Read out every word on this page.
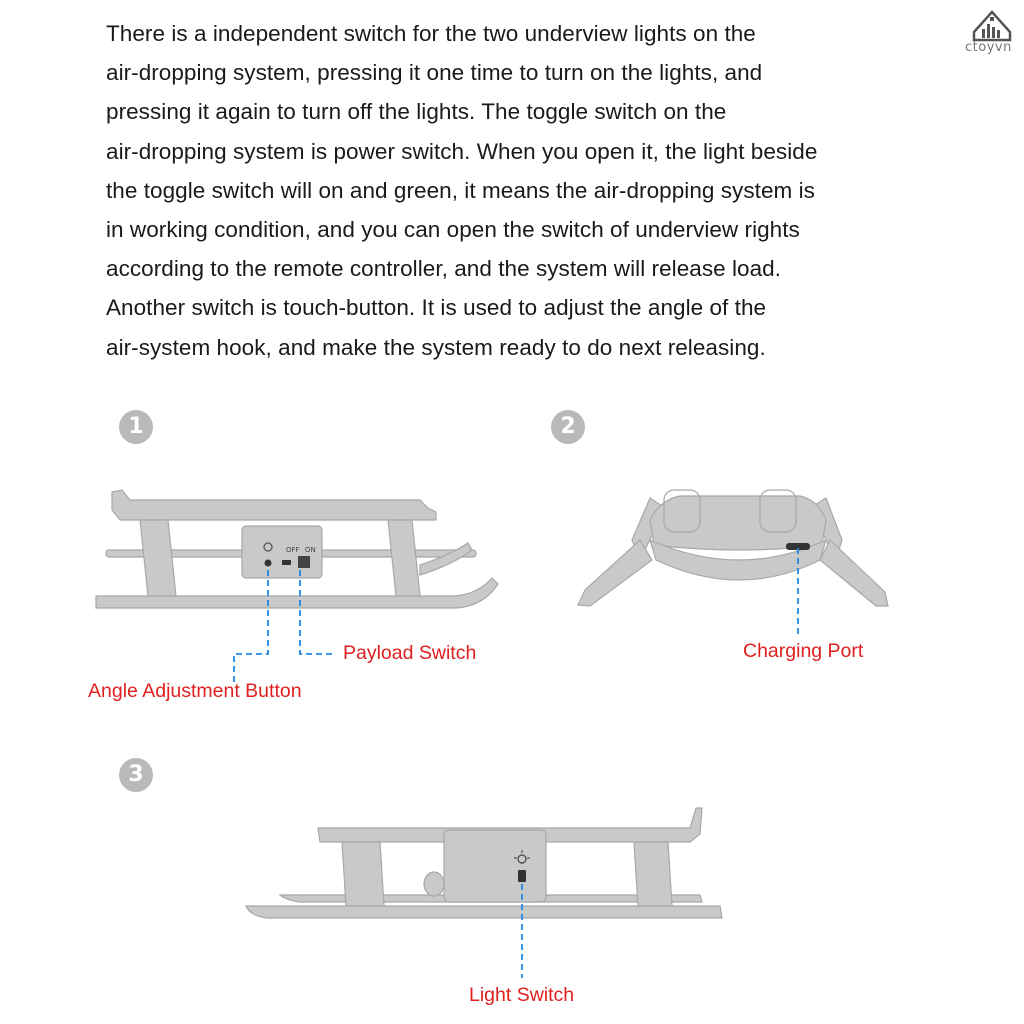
ctoyvn

There is a independent switch for the two underview lights on the
air-dropping system, pressing it one time to turn on the lights, and
pressing it again to turn off the lights. The toggle switch on the
air-dropping system is power switch. When you open it, the light beside
the toggle switch will on and green, it means the air-dropping system is
in working condition, and you can open the switch of underview rights
according to the remote controller, and the system will release load.
Another switch is touch-button. It is used to adjust the angle of the
air-system hook, and make the system ready to do next releasing.

1	2
3
OFF ON
Payload Switch
Angle Adjustment Button
Charging Port
Light Switch
